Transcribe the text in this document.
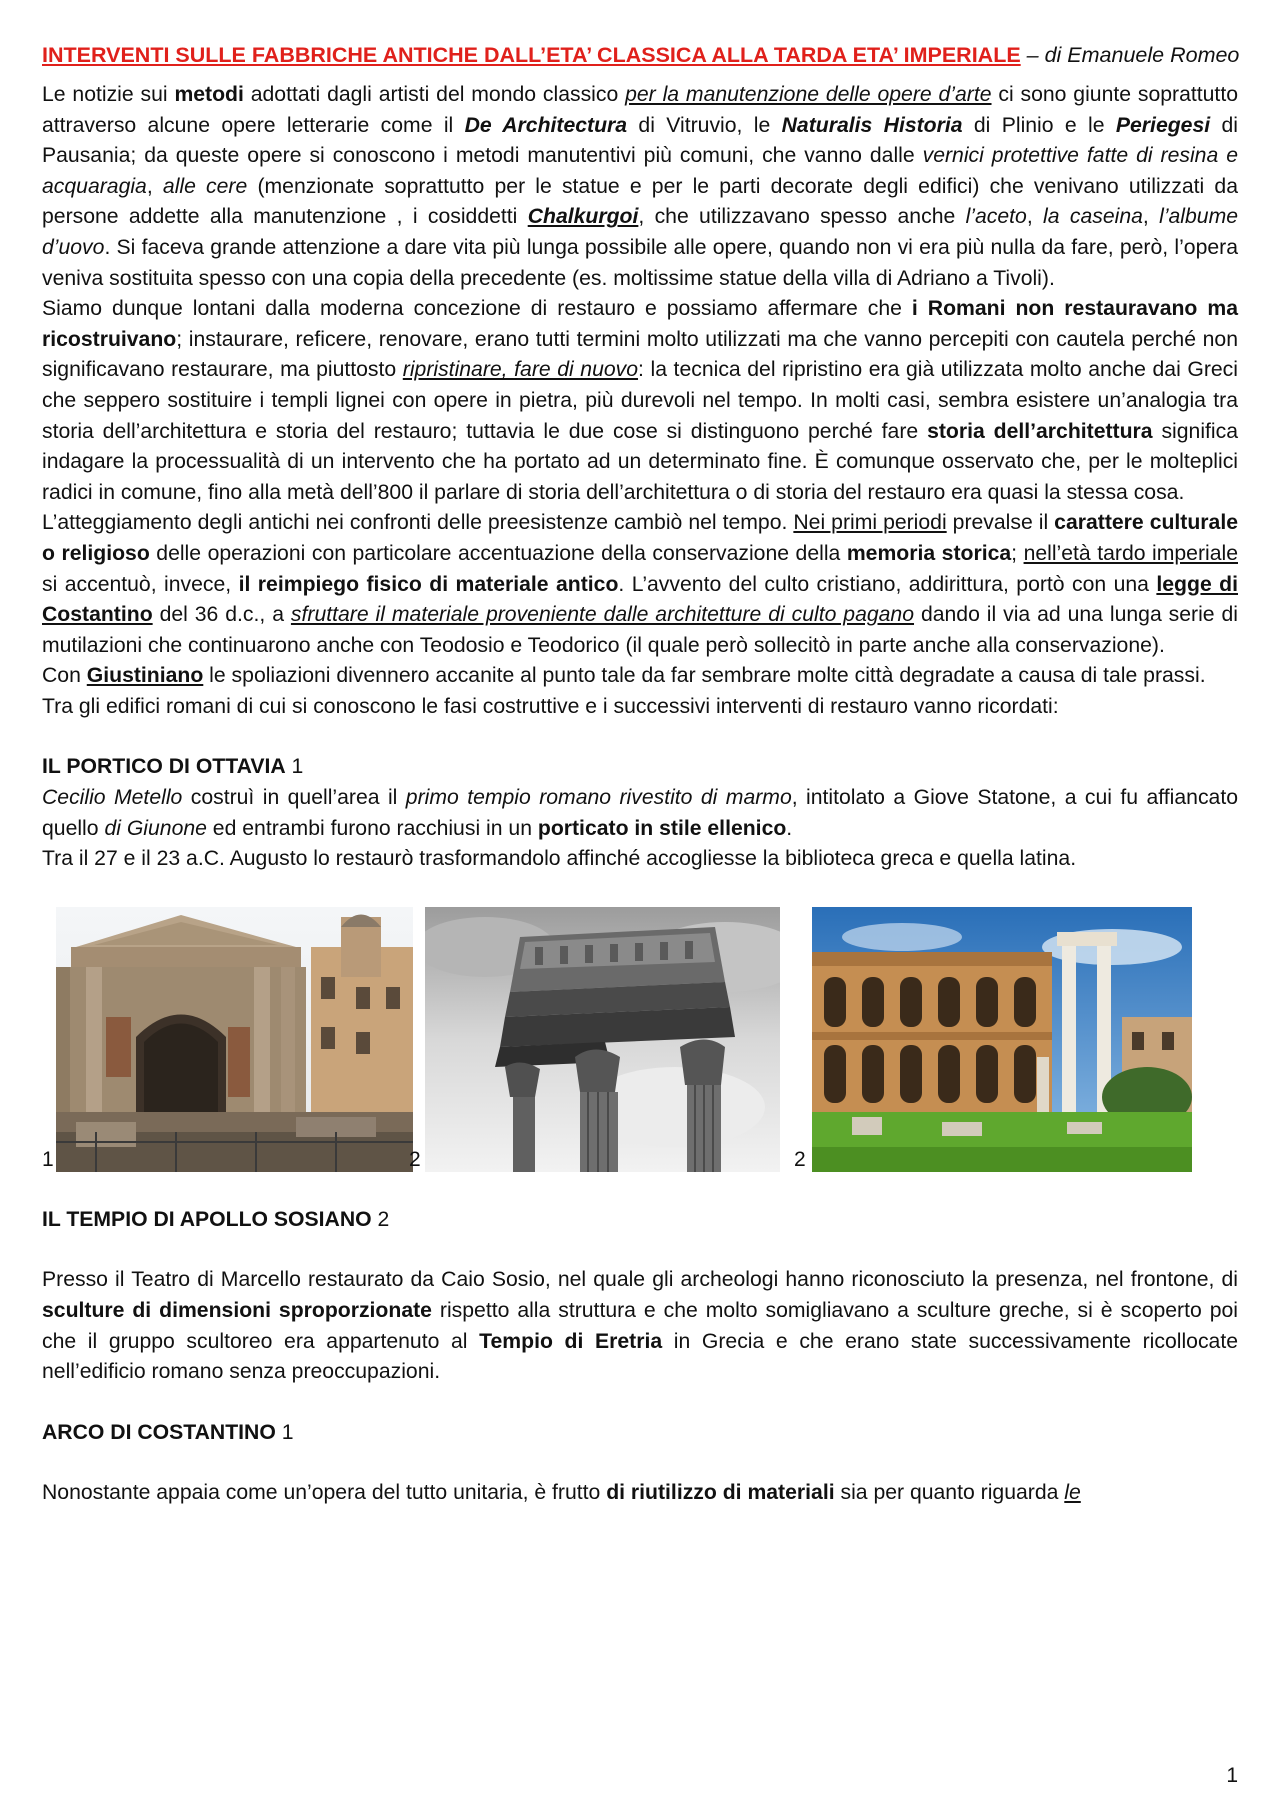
INTERVENTI SULLE FABBRICHE ANTICHE DALL’ETA’ CLASSICA ALLA TARDA ETA’ IMPERIALE – di Emanuele Romeo

Le notizie sui metodi adottati dagli artisti del mondo classico per la manutenzione delle opere d’arte ci sono giunte soprattutto attraverso alcune opere letterarie come il De Architectura di Vitruvio, le Naturalis Historia di Plinio e le Periegesi di Pausania; da queste opere si conoscono i metodi manutentivi più comuni, che vanno dalle vernici protettive fatte di resina e acquaragia, alle cere (menzionate soprattutto per le statue e per le parti decorate degli edifici) che venivano utilizzati da persone addette alla manutenzione , i cosiddetti Chalkurgoi, che utilizzavano spesso anche l’aceto, la caseina, l’albume d’uovo. Si faceva grande attenzione a dare vita più lunga possibile alle opere, quando non vi era più nulla da fare, però, l’opera veniva sostituita spesso con una copia della precedente (es. moltissime statue della villa di Adriano a Tivoli).

Siamo dunque lontani dalla moderna concezione di restauro e possiamo affermare che i Romani non restauravano ma ricostruivano; instaurare, reficere, renovare, erano tutti termini molto utilizzati ma che vanno percepiti con cautela perché non significavano restaurare, ma piuttosto ripristinare, fare di nuovo: la tecnica del ripristino era già utilizzata molto anche dai Greci che seppero sostituire i templi lignei con opere in pietra, più durevoli nel tempo. In molti casi, sembra esistere un’analogia tra storia dell’architettura e storia del restauro; tuttavia le due cose si distinguono perché fare storia dell’architettura significa indagare la processualità di un intervento che ha portato ad un determinato fine. È comunque osservato che, per le molteplici radici in comune, fino alla metà dell’800 il parlare di storia dell’architettura o di storia del restauro era quasi la stessa cosa.

L’atteggiamento degli antichi nei confronti delle preesistenze cambiò nel tempo. Nei primi periodi prevalse il carattere culturale o religioso delle operazioni con particolare accentuazione della conservazione della memoria storica; nell’età tardo imperiale si accentuò, invece, il reimpiego fisico di materiale antico. L’avvento del culto cristiano, addirittura, portò con una legge di Costantino del 36 d.c., a sfruttare il materiale proveniente dalle architetture di culto pagano dando il via ad una lunga serie di mutilazioni che continuarono anche con Teodosio e Teodorico (il quale però sollecitò in parte anche alla conservazione).

Con Giustiniano le spoliazioni divennero accanite al punto tale da far sembrare molte città degradate a causa di tale prassi.

Tra gli edifici romani di cui si conoscono le fasi costruttive e i successivi interventi di restauro vanno ricordati:

IL PORTICO DI OTTAVIA 1

Cecilio Metello costruì in quell’area il primo tempio romano rivestito di marmo, intitolato a Giove Statone, a cui fu affiancato quello di Giunone ed entrambi furono racchiusi in un porticato in stile ellenico.

Tra il 27 e il 23 a.C. Augusto lo restaurò trasformandolo affinché accogliesse la biblioteca greca e quella latina.

1	2	2
IL TEMPIO DI APOLLO SOSIANO 2

Presso il Teatro di Marcello restaurato da Caio Sosio, nel quale gli archeologi hanno riconosciuto la presenza, nel frontone, di sculture di dimensioni sproporzionate rispetto alla struttura e che molto somigliavano a sculture greche, si è scoperto poi che il gruppo scultoreo era appartenuto al Tempio di Eretria in Grecia e che erano state successivamente ricollocate nell’edificio romano senza preoccupazioni.

ARCO DI COSTANTINO 1

Nonostante appaia come un’opera del tutto unitaria, è frutto di riutilizzo di materiali sia per quanto riguarda le

1
